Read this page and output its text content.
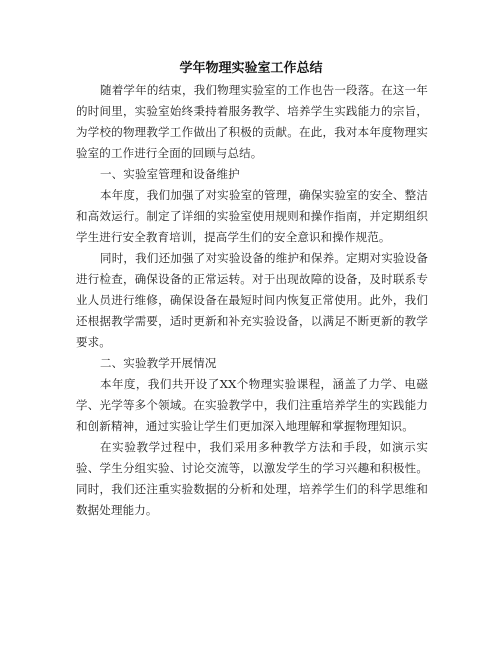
学年物理实验室工作总结

随着学年的结束，我们物理实验室的工作也告一段落。在这一年的时间里，实验室始终秉持着服务教学、培养学生实践能力的宗旨，为学校的物理教学工作做出了积极的贡献。在此，我对本年度物理实验室的工作进行全面的回顾与总结。

一、实验室管理和设备维护

本年度，我们加强了对实验室的管理，确保实验室的安全、整洁和高效运行。制定了详细的实验室使用规则和操作指南，并定期组织学生进行安全教育培训，提高学生们的安全意识和操作规范。

同时，我们还加强了对实验设备的维护和保养。定期对实验设备进行检查，确保设备的正常运转。对于出现故障的设备，及时联系专业人员进行维修，确保设备在最短时间内恢复正常使用。此外，我们还根据教学需要，适时更新和补充实验设备，以满足不断更新的教学要求。

二、实验教学开展情况

本年度，我们共开设了XX个物理实验课程，涵盖了力学、电磁学、光学等多个领域。在实验教学中，我们注重培养学生的实践能力和创新精神，通过实验让学生们更加深入地理解和掌握物理知识。

在实验教学过程中，我们采用多种教学方法和手段，如演示实验、学生分组实验、讨论交流等，以激发学生的学习兴趣和积极性。同时，我们还注重实验数据的分析和处理，培养学生们的科学思维和数据处理能力。
